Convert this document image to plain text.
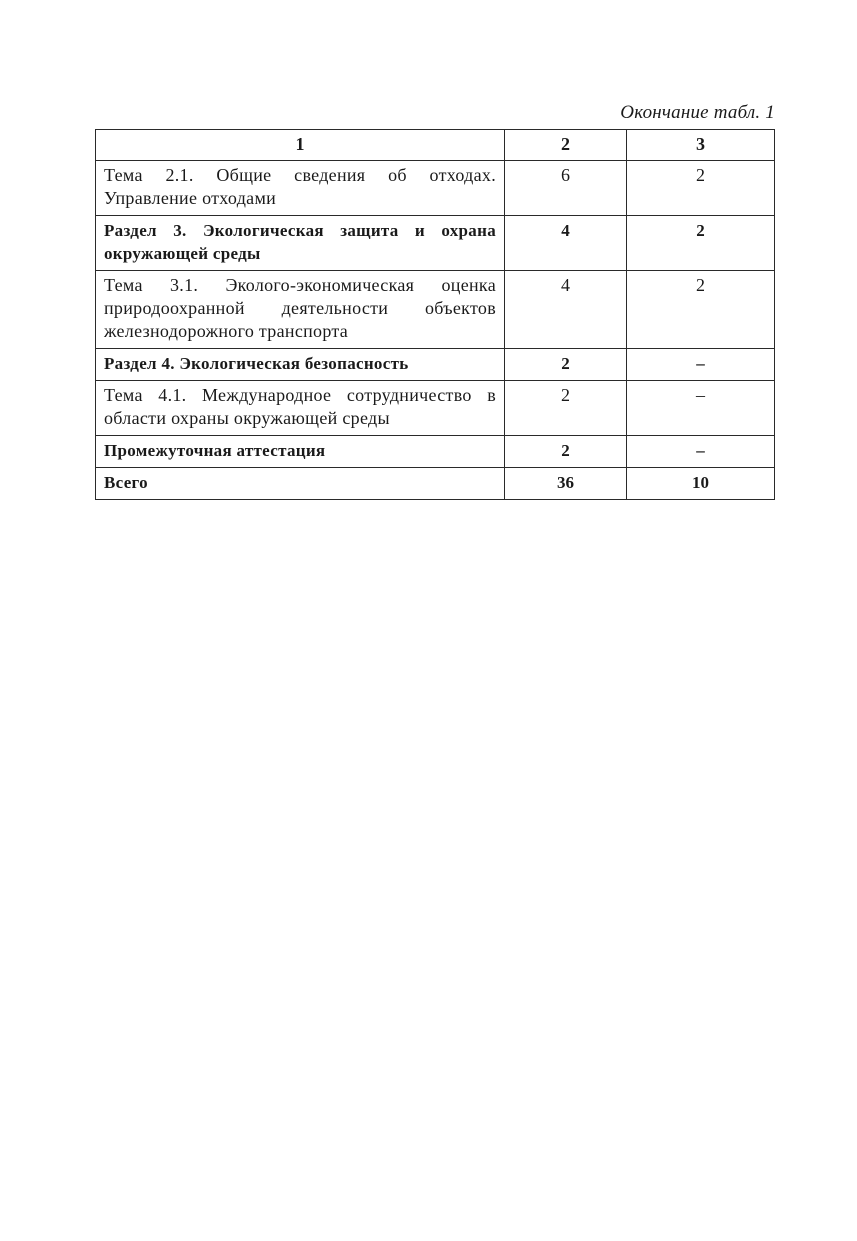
Окончание табл. 1
1	2	3
Тема 2.1. Общие сведения об отходах. Управление отходами	6	2
Раздел 3. Экологическая защита и охрана окружающей среды	4	2
Тема 3.1. Эколого-экономическая оценка природоохранной деятельности объектов железнодорожного транспорта	4	2
Раздел 4. Экологическая безопасность	2	–
Тема 4.1. Международное сотрудничество в области охраны окружающей среды	2	–
Промежуточная аттестация	2	–
Всего	36	10
